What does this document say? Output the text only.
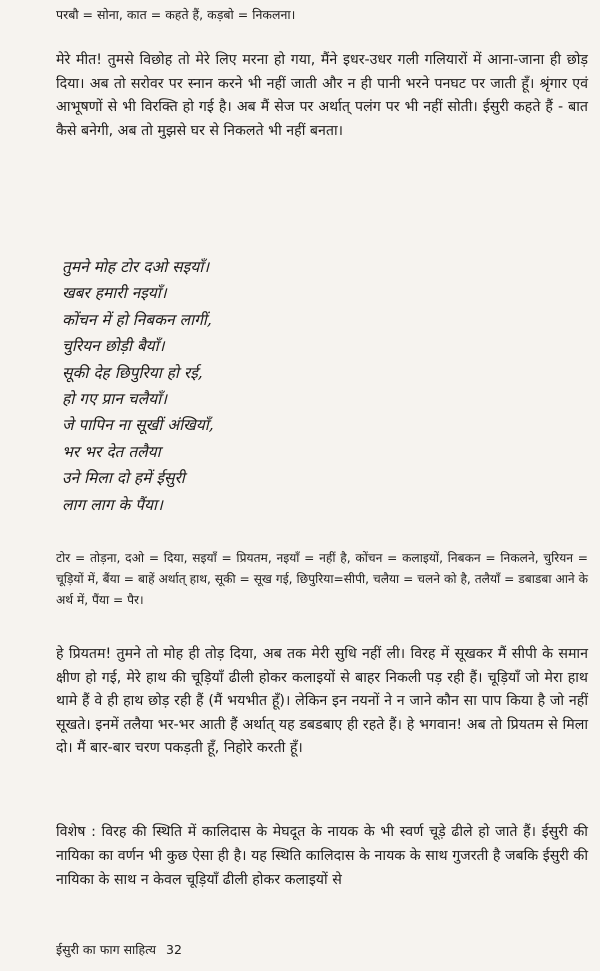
परबौ = सोना, कात = कहते हैं, कड़बो = निकलना।
मेरे मीत! तुमसे विछोह तो मेरे लिए मरना हो गया, मैंने इधर-उधर गली गलियारों में आना-जाना ही छोड़ दिया। अब तो सरोवर पर स्नान करने भी नहीं जाती और न ही पानी भरने पनघट पर जाती हूँ। श्रृंगार एवं आभूषणों से भी विरक्ति हो गई है। अब मैं सेज पर अर्थात् पलंग पर भी नहीं सोती। ईसुरी कहते हैं - बात कैसे बनेगी, अब तो मुझसे घर से निकलते भी नहीं बनता।
तुमने मोह टोर दओ सइयाँ।
खबर हमारी नइयाँ।
कोंचन में हो निबकन लागीं,
चुरियन छोड़ी बैयाँ।
सूकी देह छिपुरिया हो रई,
हो गए प्रान चलैयाँ।
जे पापिन ना सूखीं अंखियाँ,
भर भर देत तलैया
उने मिला दो हमें ईसुरी
लाग लाग के पैंया।
टोर = तोड़ना, दओ = दिया, सइयाँ = प्रियतम, नइयाँ = नहीं है, कोंचन = कलाइयों, निबकन = निकलने, चुरियन = चूड़ियों में, बैंया = बाहें अर्थात् हाथ, सूकी = सूख गई, छिपुरिया=सीपी, चलैया = चलने को है, तलैयाँ = डबाडबा आने के अर्थ में, पैंया = पैर।
हे प्रियतम! तुमने तो मोह ही तोड़ दिया, अब तक मेरी सुधि नहीं ली। विरह में सूखकर मैं सीपी के समान क्षीण हो गई, मेरे हाथ की चूड़ियाँ ढीली होकर कलाइयों से बाहर निकली पड़ रही हैं। चूड़ियाँ जो मेरा हाथ थामे हैं वे ही हाथ छोड़ रही हैं (मैं भयभीत हूँ)। लेकिन इन नयनों ने न जाने कौन सा पाप किया है जो नहीं सूखते। इनमें तलैया भर-भर आती हैं अर्थात् यह डबडबाए ही रहते हैं। हे भगवान! अब तो प्रियतम से मिला दो। मैं बार-बार चरण पकड़ती हूँ, निहोरे करती हूँ।
विशेष : विरह की स्थिति में कालिदास के मेघदूत के नायक के भी स्वर्ण चूड़े ढीले हो जाते हैं। ईसुरी की नायिका का वर्णन भी कुछ ऐसा ही है। यह स्थिति कालिदास के नायक के साथ गुजरती है जबकि ईसुरी की नायिका के साथ न केवल चूड़ियाँ ढीली होकर कलाइयों से
ईसुरी का फाग साहित्य 32
